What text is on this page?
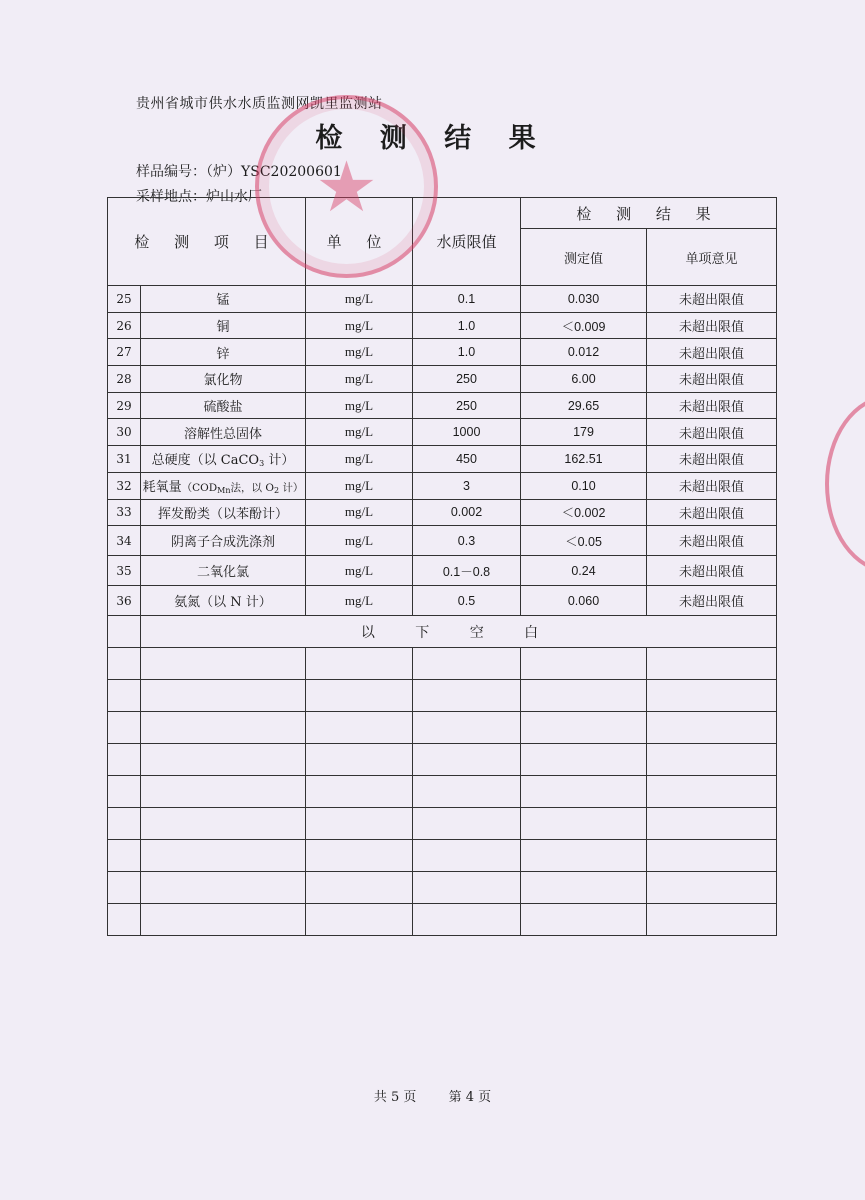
贵州省城市供水水质监测网凯里监测站
检 测 结 果
样品编号：（炉）YSC20200601
采样地点：炉山水厂
检 测 项 目		单 位	水质限值	检 测 结 果	
				测定值	单项意见
25	锰	mg/L	0.1	0.030	未超出限值
26	铜	mg/L	1.0	＜0.009	未超出限值
27	锌	mg/L	1.0	0.012	未超出限值
28	氯化物	mg/L	250	6.00	未超出限值
29	硫酸盐	mg/L	250	29.65	未超出限值
30	溶解性总固体	mg/L	1000	179	未超出限值
31	总硬度（以 CaCO$_3$ 计）	mg/L	450	162.51	未超出限值
32	耗氧量（$COD_{Mn}$法，以 $O_2$ 计）	mg/L	3	0.10	未超出限值
33	挥发酚类（以苯酚计）	mg/L	0.002	＜0.002	未超出限值
34	阴离子合成洗涤剂	mg/L	0.3	＜0.05	未超出限值
35	二氧化氯	mg/L	0.1－0.8	0.24	未超出限值
36	氨氮（以 N 计）	mg/L	0.5	0.060	未超出限值
	以 下 空 白				

★
共 5 页 第 4 页
